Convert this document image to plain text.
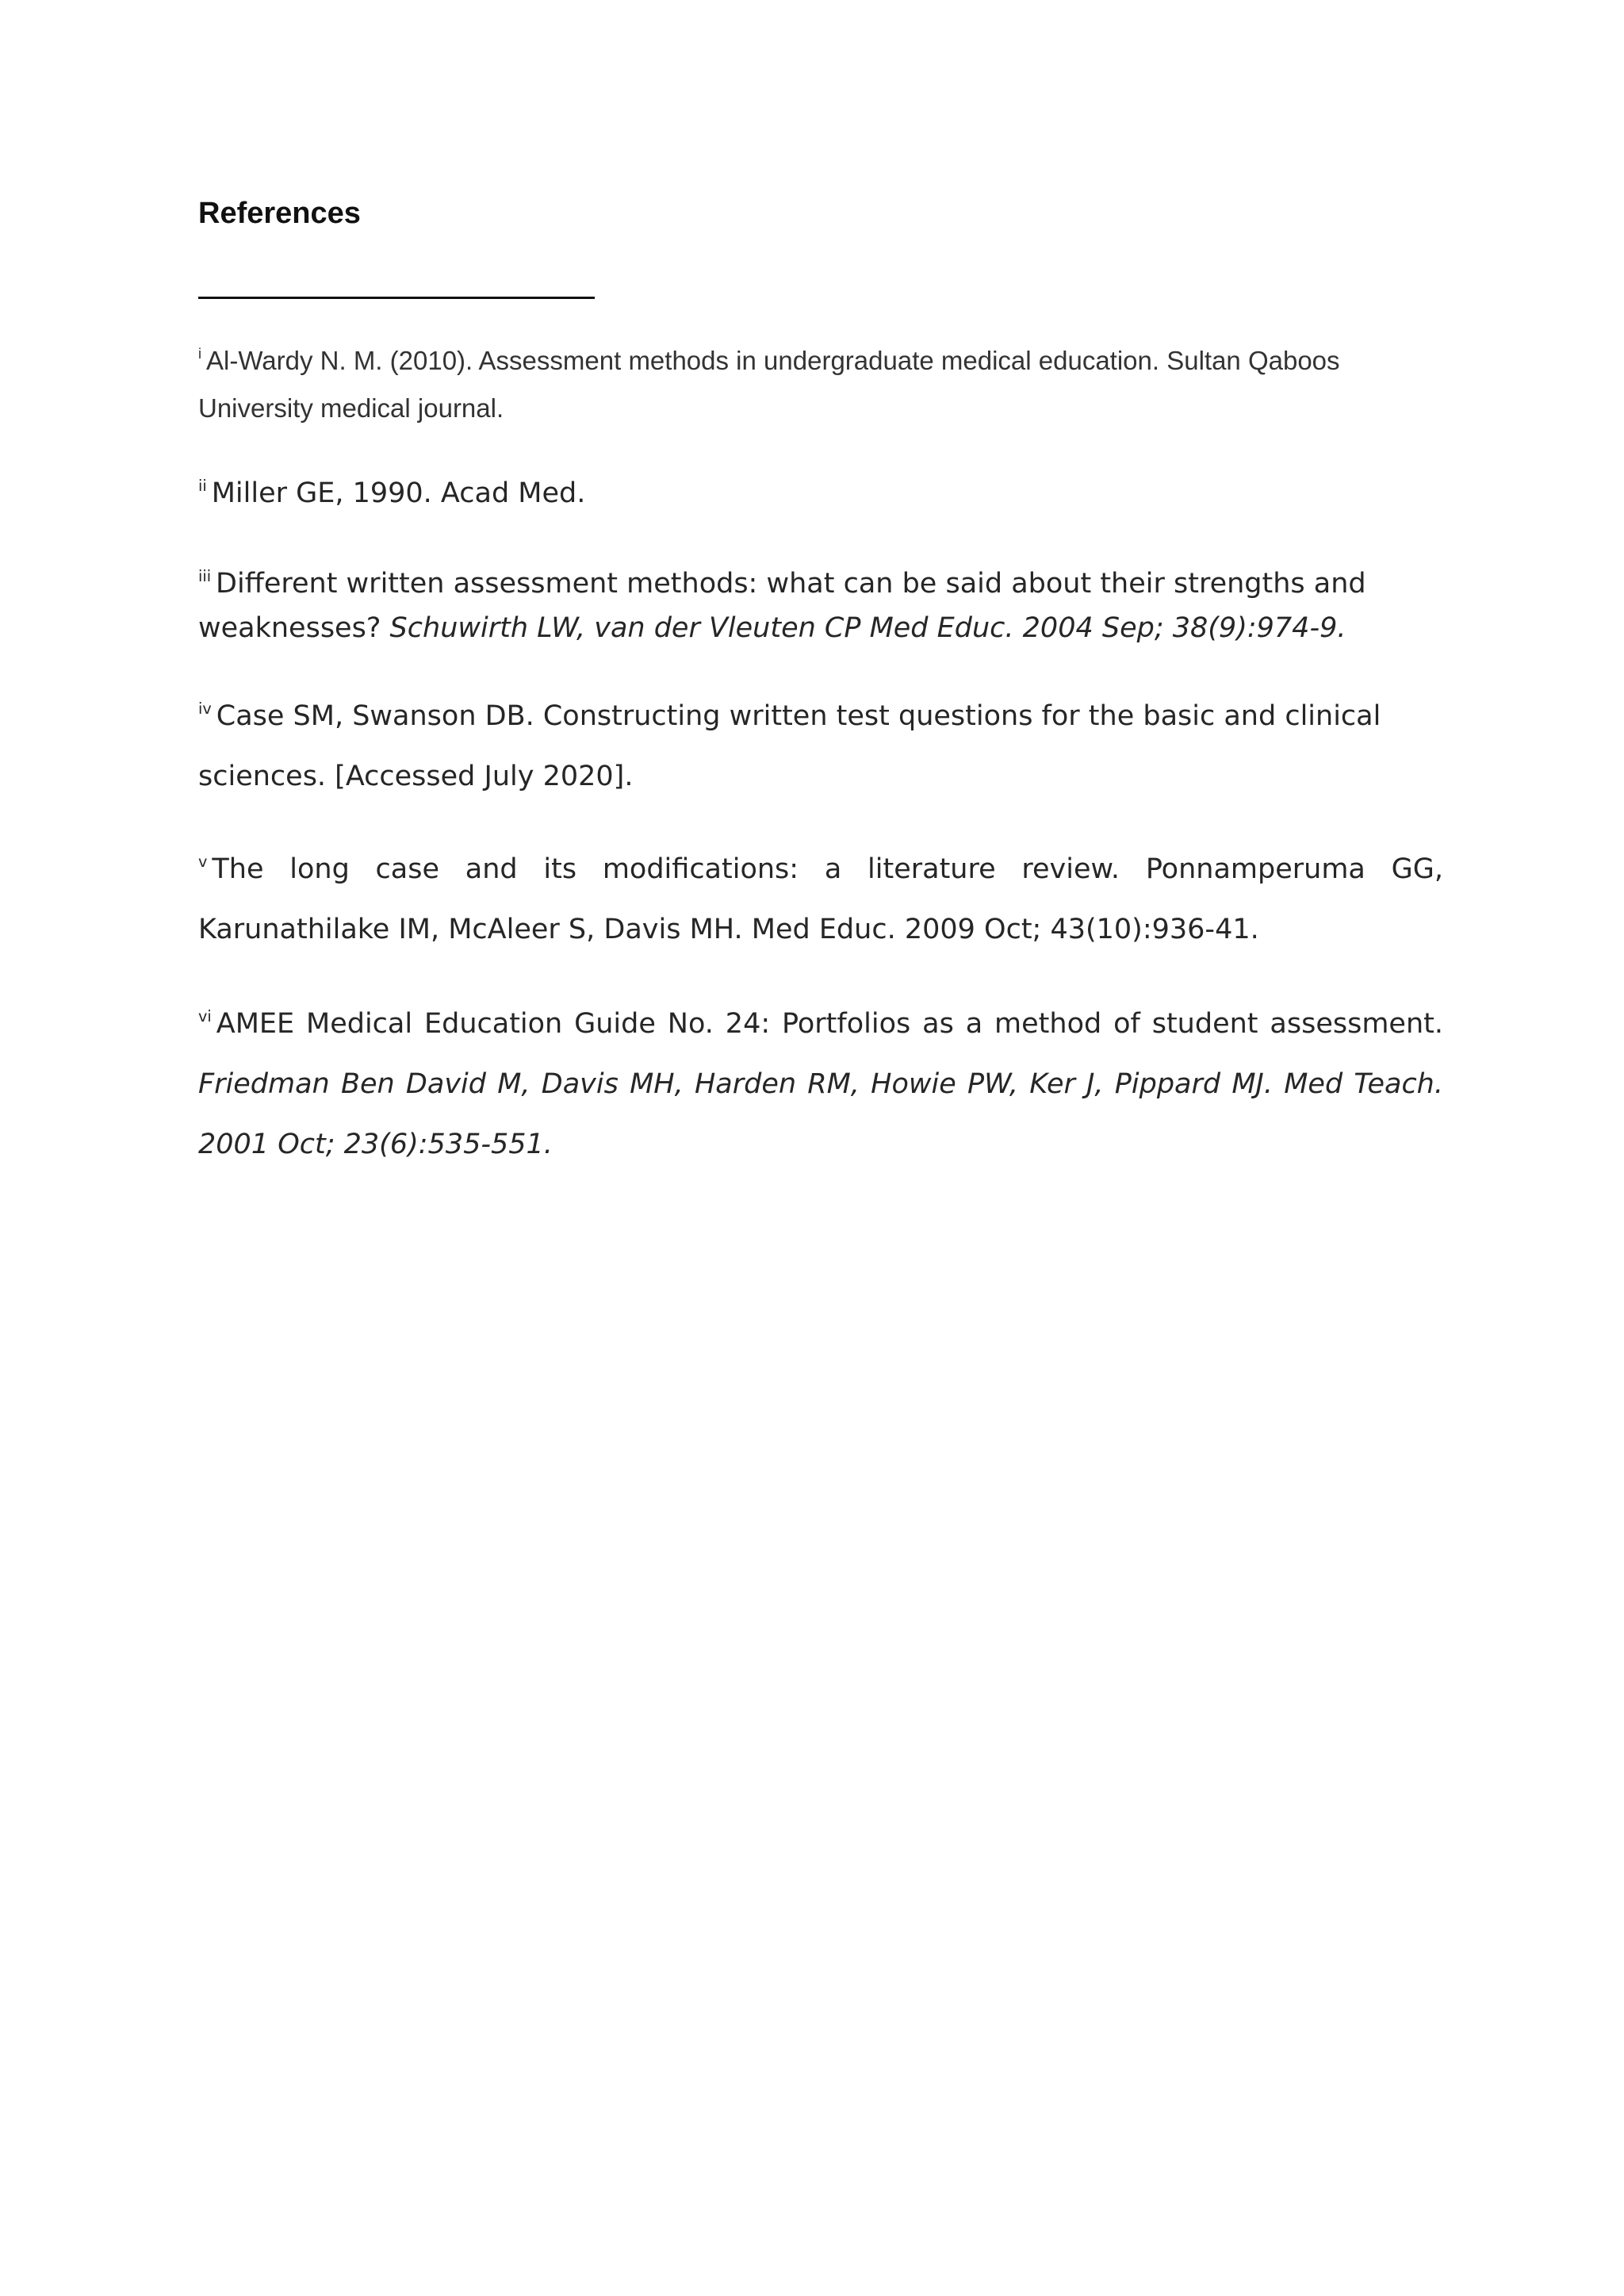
References

$^i$ Al-Wardy N. M. (2010). Assessment methods in undergraduate medical education. Sultan Qaboos University medical journal.

$^{ii}$ Miller GE, 1990. Acad Med.

$^{iii}$ Different written assessment methods: what can be said about their strengths and weaknesses? Schuwirth LW, van der Vleuten CP Med Educ. 2004 Sep; 38(9):974-9.

$^{iv}$ Case SM, Swanson DB. Constructing written test questions for the basic and clinical sciences. [Accessed July 2020].

$^v$ The long case and its modifications: a literature review. Ponnamperuma GG, Karunathilake IM, McAleer S, Davis MH. Med Educ. 2009 Oct; 43(10):936-41.

$^{vi}$ AMEE Medical Education Guide No. 24: Portfolios as a method of student assessment. Friedman Ben David M, Davis MH, Harden RM, Howie PW, Ker J, Pippard MJ. Med Teach. 2001 Oct; 23(6):535-551.
